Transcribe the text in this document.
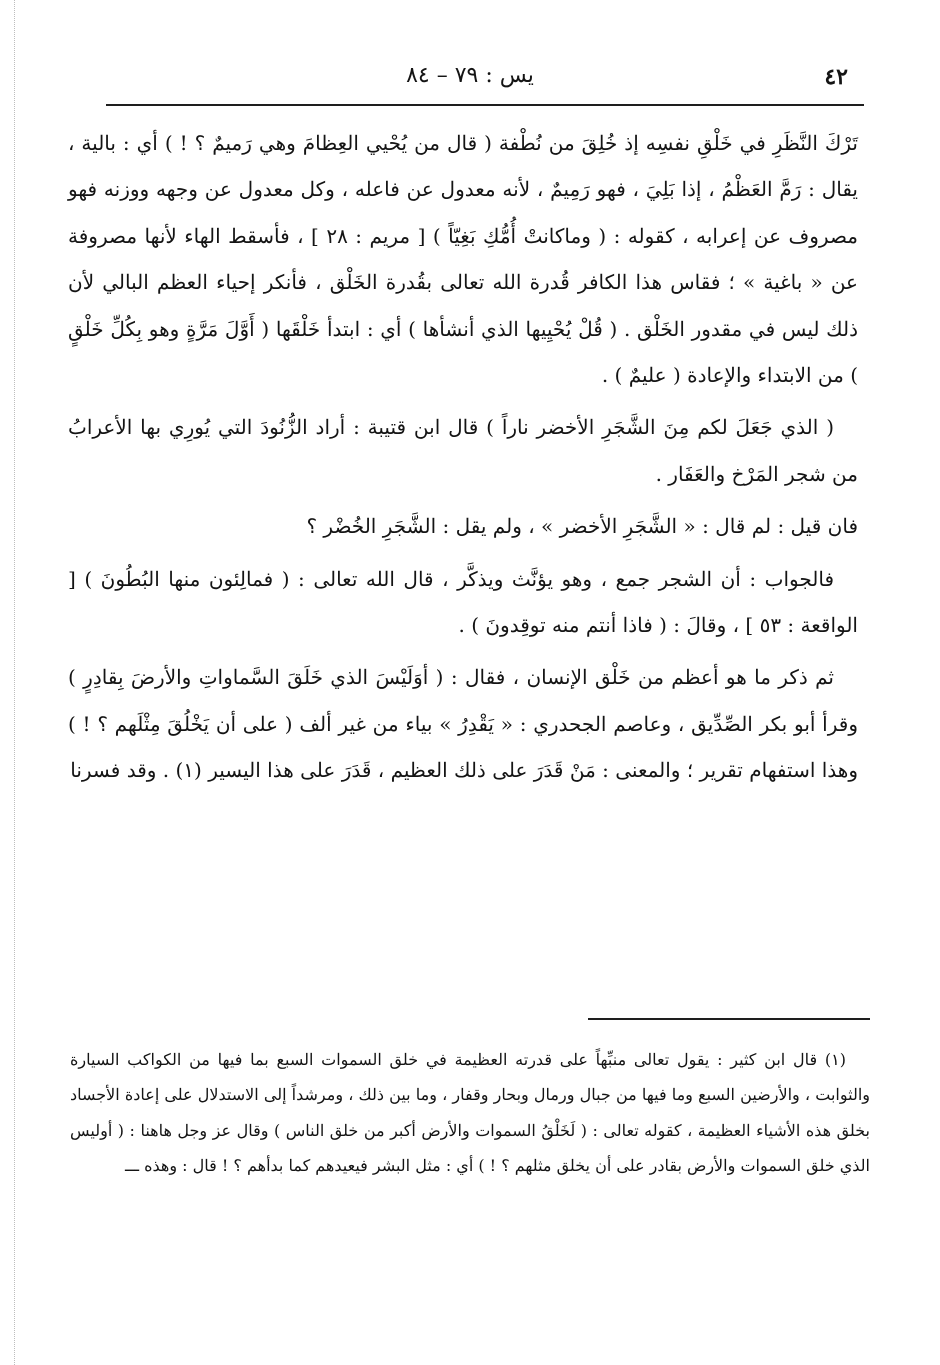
٤٢
يس : ٧٩ – ٨٤

تَرْكَ النَّظَرِ في خَلْقِ نفسِه إذ خُلِقَ من نُطْفة ( قال من يُحْيي العِظامَ وهي رَميمٌ ؟ ! ) أي : بالية ، يقال : رَمَّ العَظْمُ ، إذا بَلِيَ ، فهو رَمِيمٌ ، لأنه معدول عن فاعله ، وكل معدول عن وجهه ووزنه فهو مصروف عن إعرابه ، كقوله : ( وماكانتْ أُمُّكِ بَغِيّاً ) [ مريم : ٢٨ ] ، فأسقط الهاء لأنها مصروفة عن « باغية » ؛ فقاس هذا الكافر قُدرة الله تعالى بقُدرة الخَلْق ، فأنكر إحياء العظم البالي لأن ذلك ليس في مقدور الخَلْق . ( قُلْ يُحْيِيها الذي أنشأها ) أي : ابتدأ خَلْقَها ( أَوَّلَ مَرَّةٍ وهو بِكُلِّ خَلْقٍ ) من الابتداء والإعادة ( عليمٌ ) .

( الذي جَعَلَ لكم مِنَ الشَّجَرِ الأخضر ناراً ) قال ابن قتيبة : أراد الزُّنُودَ التي يُورِي بها الأعرابُ من شجر المَرْخ والعَفَار .

فان قيل : لم قال : « الشَّجَرِ الأخضر » ، ولم يقل : الشَّجَرِ الخُضْر ؟

فالجواب : أن الشجر جمع ، وهو يؤنَّث ويذكَّر ، قال الله تعالى : ( فمالِئون منها البُطُونَ ) [ الواقعة : ٥٣ ] ، وقالَ : ( فاذا أنتم منه توقِدونَ ) .

ثم ذكر ما هو أعظم من خَلْق الإنسان ، فقال : ( أوَلَيْسَ الذي خَلَقَ السَّماواتِ والأرضَ بِقادِرٍ ) وقرأ أبو بكر الصِّدِّيق ، وعاصم الجحدري : « يَقْدِرُ » بياء من غير ألف ( على أن يَخْلُقَ مِثْلَهم ؟ ! ) وهذا استفهام تقرير ؛ والمعنى : مَنْ قَدَرَ على ذلك العظيم ، قَدَرَ على هذا اليسير (١) . وقد فسرنا

(١) قال ابن كثير : يقول تعالى منبِّهاً على قدرته العظيمة في خلق السموات السبع بما فيها من الكواكب السيارة والثوابت ، والأرضين السبع وما فيها من جبال ورمال وبحار وقفار ، وما بين ذلك ، ومرشداً إلى الاستدلال على إعادة الأجساد بخلق هذه الأشياء العظيمة ، كقوله تعالى : ( لَخَلْقُ السموات والأرض أكبر من خلق الناس ) وقال عز وجل هاهنا : ( أوليس الذي خلق السموات والأرض بقادر على أن يخلق مثلهم ؟ ! ) أي : مثل البشر فيعيدهم كما بدأهم ؟ ! قال : وهذه ـــ
